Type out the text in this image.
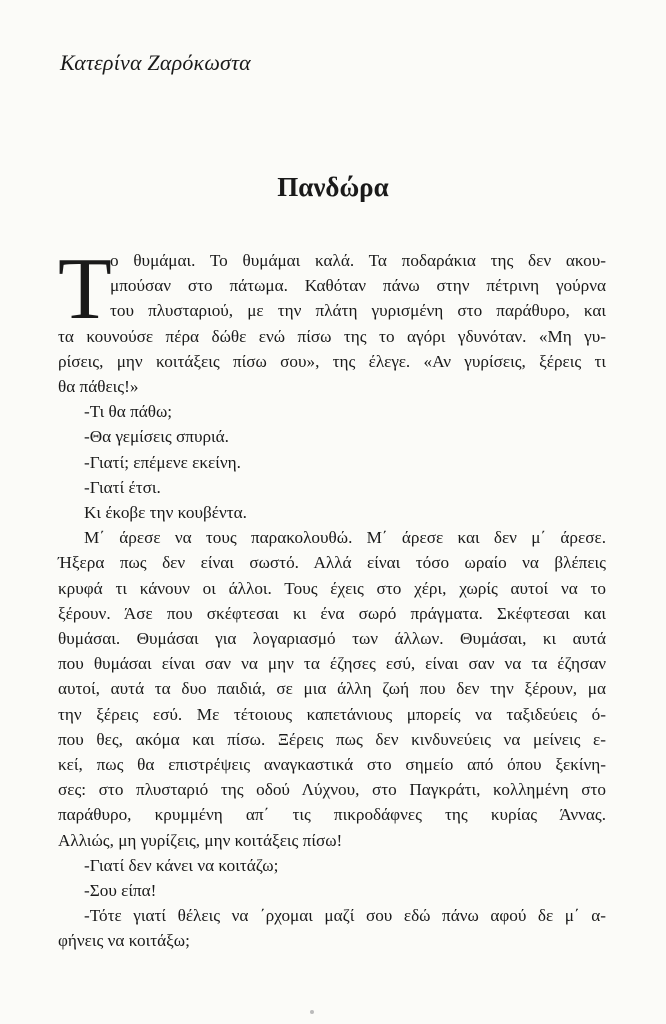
Κατερίνα Ζαρόκωστα
Πανδώρα
Τ
ο θυμάμαι. Το θυμάμαι καλά. Τα ποδαράκια της δεν ακου-
μπούσαν στο πάτωμα. Καθόταν πάνω στην πέτρινη γούρνα
του πλυσταριού, με την πλάτη γυρισμένη στο παράθυρο, και
τα κουνούσε πέρα δώθε ενώ πίσω της το αγόρι γδυνόταν. «Μη γυ-
ρίσεις, μην κοιτάξεις πίσω σου», της έλεγε. «Αν γυρίσεις, ξέρεις τι
θα πάθεις!»
-Τι θα πάθω;
-Θα γεμίσεις σπυριά.
-Γιατί; επέμενε εκείνη.
-Γιατί έτσι.
Κι έκοβε την κουβέντα.
Μ΄ άρεσε να τους παρακολουθώ. Μ΄ άρεσε και δεν μ΄ άρεσε.
Ήξερα πως δεν είναι σωστό. Αλλά είναι τόσο ωραίο να βλέπεις
κρυφά τι κάνουν οι άλλοι. Τους έχεις στο χέρι, χωρίς αυτοί να το
ξέρουν. Άσε που σκέφτεσαι κι ένα σωρό πράγματα. Σκέφτεσαι και
θυμάσαι. Θυμάσαι για λογαριασμό των άλλων. Θυμάσαι, κι αυτά
που θυμάσαι είναι σαν να μην τα έζησες εσύ, είναι σαν να τα έζησαν
αυτοί, αυτά τα δυο παιδιά, σε μια άλλη ζωή που δεν την ξέρουν, μα
την ξέρεις εσύ. Με τέτοιους καπετάνιους μπορείς να ταξιδεύεις ό-
που θες, ακόμα και πίσω. Ξέρεις πως δεν κινδυνεύεις να μείνεις ε-
κεί, πως θα επιστρέψεις αναγκαστικά στο σημείο από όπου ξεκίνη-
σες: στο πλυσταριό της οδού Λύχνου, στο Παγκράτι, κολλημένη στο
παράθυρο, κρυμμένη απ΄ τις πικροδάφνες της κυρίας Άννας.
Αλλιώς, μη γυρίζεις, μην κοιτάξεις πίσω!
-Γιατί δεν κάνει να κοιτάζω;
-Σου είπα!
-Τότε γιατί θέλεις να ΄ρχομαι μαζί σου εδώ πάνω αφού δε μ΄ α-
φήνεις να κοιτάξω;
